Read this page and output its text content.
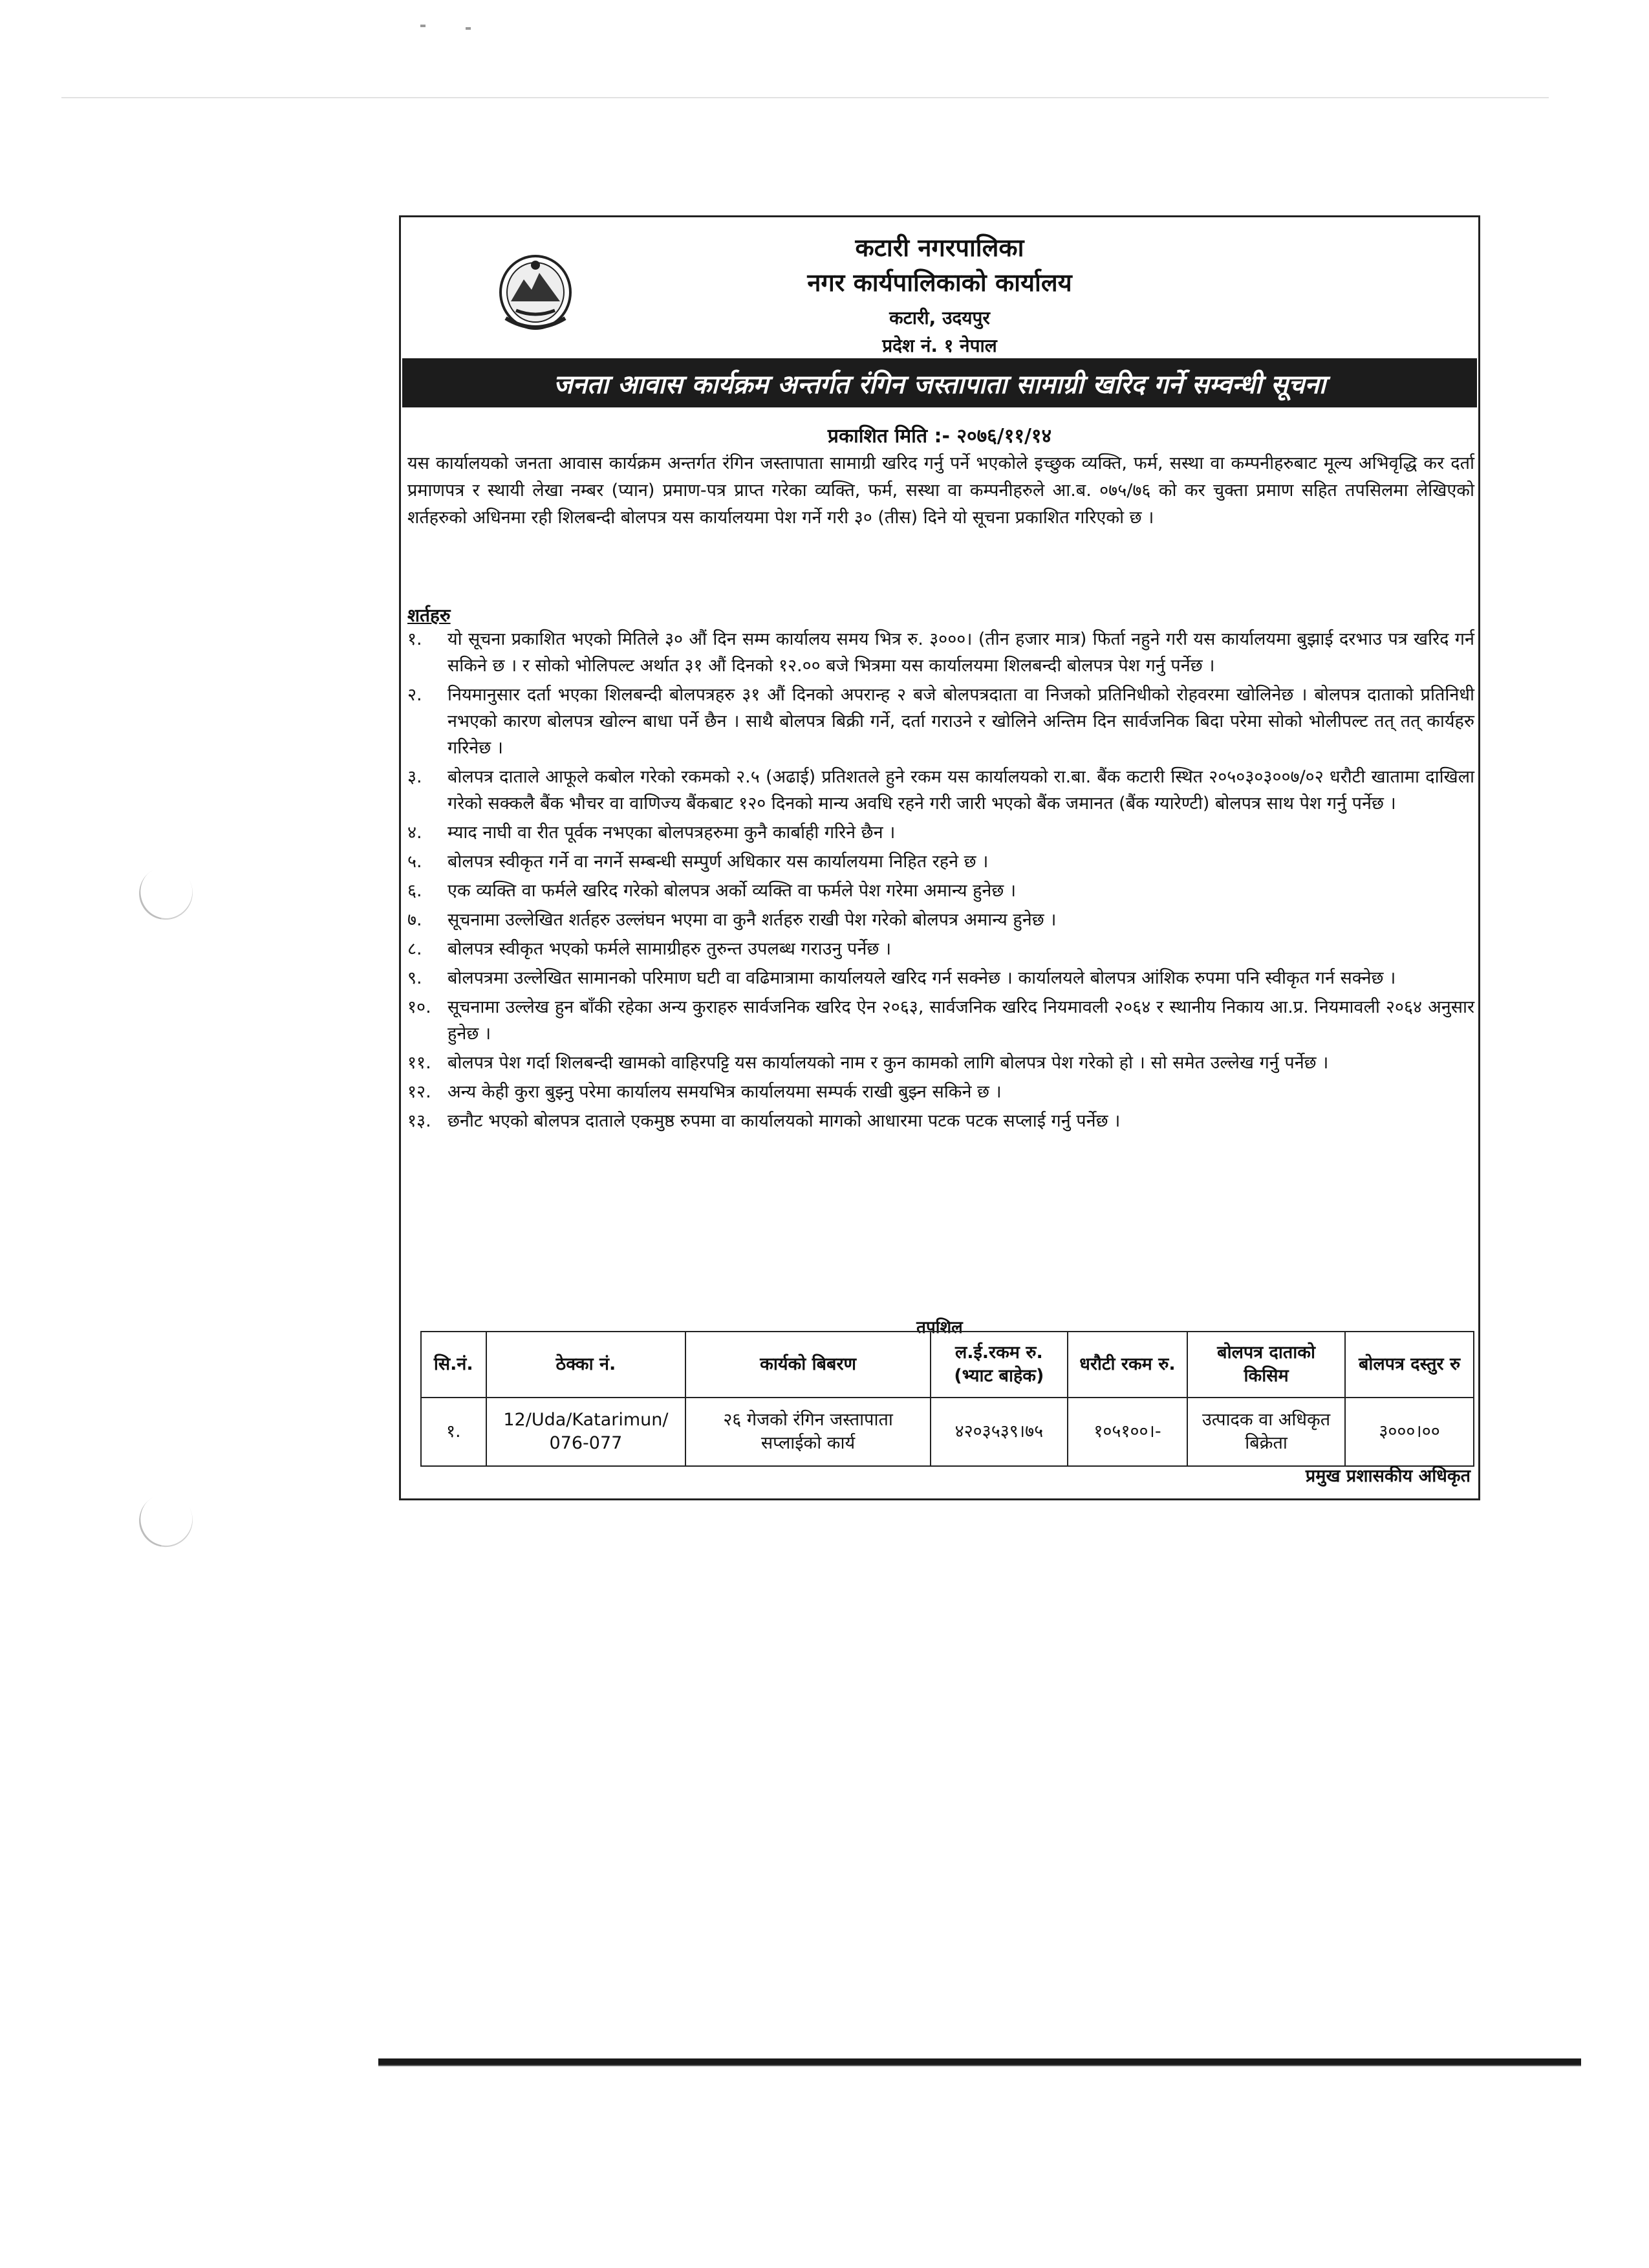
कटारी नगरपालिका
नगर कार्यपालिकाको कार्यालय
कटारी, उदयपुर
प्रदेश नं. १ नेपाल
जनता आवास कार्यक्रम अन्तर्गत रंगिन जस्तापाता सामाग्री खरिद गर्ने सम्वन्धी सूचना
प्रकाशित मिति :- २०७६/११/१४
यस कार्यालयको जनता आवास कार्यक्रम अन्तर्गत रंगिन जस्तापाता सामाग्री खरिद गर्नु पर्ने भएकोले इच्छुक व्यक्ति, फर्म, सस्था वा कम्पनीहरुबाट मूल्य अभिवृद्धि कर दर्ता प्रमाणपत्र र स्थायी लेखा नम्बर (प्यान) प्रमाण-पत्र प्राप्त गरेका व्यक्ति, फर्म, सस्था वा कम्पनीहरुले आ.ब. ०७५/७६ को कर चुक्ता प्रमाण सहित तपसिलमा लेखिएको शर्तहरुको अधिनमा रही शिलबन्दी बोलपत्र यस कार्यालयमा पेश गर्ने गरी ३० (तीस) दिने यो सूचना प्रकाशित गरिएको छ ।
शर्तहरु
१.	यो सूचना प्रकाशित भएको मितिले ३० औं दिन सम्म कार्यालय समय भित्र रु. ३०००। (तीन हजार मात्र) फिर्ता नहुने गरी यस कार्यालयमा बुझाई दरभाउ पत्र खरिद गर्न सकिने छ । र सोको भोलिपल्ट अर्थात ३१ औं दिनको १२.०० बजे भित्रमा यस कार्यालयमा शिलबन्दी बोलपत्र पेश गर्नु पर्नेछ ।
२.	नियमानुसार दर्ता भएका शिलबन्दी बोलपत्रहरु ३१ औं दिनको अपरान्ह २ बजे बोलपत्रदाता वा निजको प्रतिनिधीको रोहवरमा खोलिनेछ । बोलपत्र दाताको प्रतिनिधी नभएको कारण बोलपत्र खोल्न बाधा पर्ने छैन । साथै बोलपत्र बिक्री गर्ने, दर्ता गराउने र खोलिने अन्तिम दिन सार्वजनिक बिदा परेमा सोको भोलीपल्ट तत् तत् कार्यहरु गरिनेछ ।
३.	बोलपत्र दाताले आफूले कबोल गरेको रकमको २.५ (अढाई) प्रतिशतले हुने रकम यस कार्यालयको रा.बा. बैंक कटारी स्थित २०५०३०३००७/०२ धरौटी खातामा दाखिला गरेको सक्कलै बैंक भौचर वा वाणिज्य बैंकबाट १२० दिनको मान्य अवधि रहने गरी जारी भएको बैंक जमानत (बैंक ग्यारेण्टी) बोलपत्र साथ पेश गर्नु पर्नेछ ।
४.	म्याद नाघी वा रीत पूर्वक नभएका बोलपत्रहरुमा कुनै कार्बाही गरिने छैन ।
५.	बोलपत्र स्वीकृत गर्ने वा नगर्ने सम्बन्धी सम्पुर्ण अधिकार यस कार्यालयमा निहित रहने छ ।
६.	एक व्यक्ति वा फर्मले खरिद गरेको बोलपत्र अर्को व्यक्ति वा फर्मले पेश गरेमा अमान्य हुनेछ ।
७.	सूचनामा उल्लेखित शर्तहरु उल्लंघन भएमा वा कुनै शर्तहरु राखी पेश गरेको बोलपत्र अमान्य हुनेछ ।
८.	बोलपत्र स्वीकृत भएको फर्मले सामाग्रीहरु तुरुन्त उपलब्ध गराउनु पर्नेछ ।
९.	बोलपत्रमा उल्लेखित सामानको परिमाण घटी वा वढिमात्रामा कार्यालयले खरिद गर्न सक्नेछ । कार्यालयले बोलपत्र आंशिक रुपमा पनि स्वीकृत गर्न सक्नेछ ।
१०. सूचनामा उल्लेख हुन बाँकी रहेका अन्य कुराहरु सार्वजनिक खरिद ऐन २०६३, सार्वजनिक खरिद नियमावली २०६४ र स्थानीय निकाय आ.प्र. नियमावली २०६४ अनुसार हुनेछ ।
११. बोलपत्र पेश गर्दा शिलबन्दी खामको वाहिरपट्टि यस कार्यालयको नाम र कुन कामको लागि बोलपत्र पेश गरेको हो । सो समेत उल्लेख गर्नु पर्नेछ ।
१२. अन्य केही कुरा बुझ्नु परेमा कार्यालय समयभित्र कार्यालयमा सम्पर्क राखी बुझ्न सकिने छ ।
१३. छनौट भएको बोलपत्र दाताले एकमुष्ठ रुपमा वा कार्यालयको मागको आधारमा पटक पटक सप्लाई गर्नु पर्नेछ ।
तपशिल
सि.नं.	ठेक्का नं.	कार्यको बिबरण	ल.ई.रकम रु. (भ्याट बाहेक)	धरौटी रकम रु.	बोलपत्र दाताको किसिम	बोलपत्र दस्तुर रु
१.	12/Uda/Katarimun/ 076-077	२६ गेजको रंगिन जस्तापाता सप्लाईको कार्य	४२०३५३९।७५	१०५१००।-	उत्पादक वा अधिकृत बिक्रेता	३०००।००
प्रमुख प्रशासकीय अधिकृत
